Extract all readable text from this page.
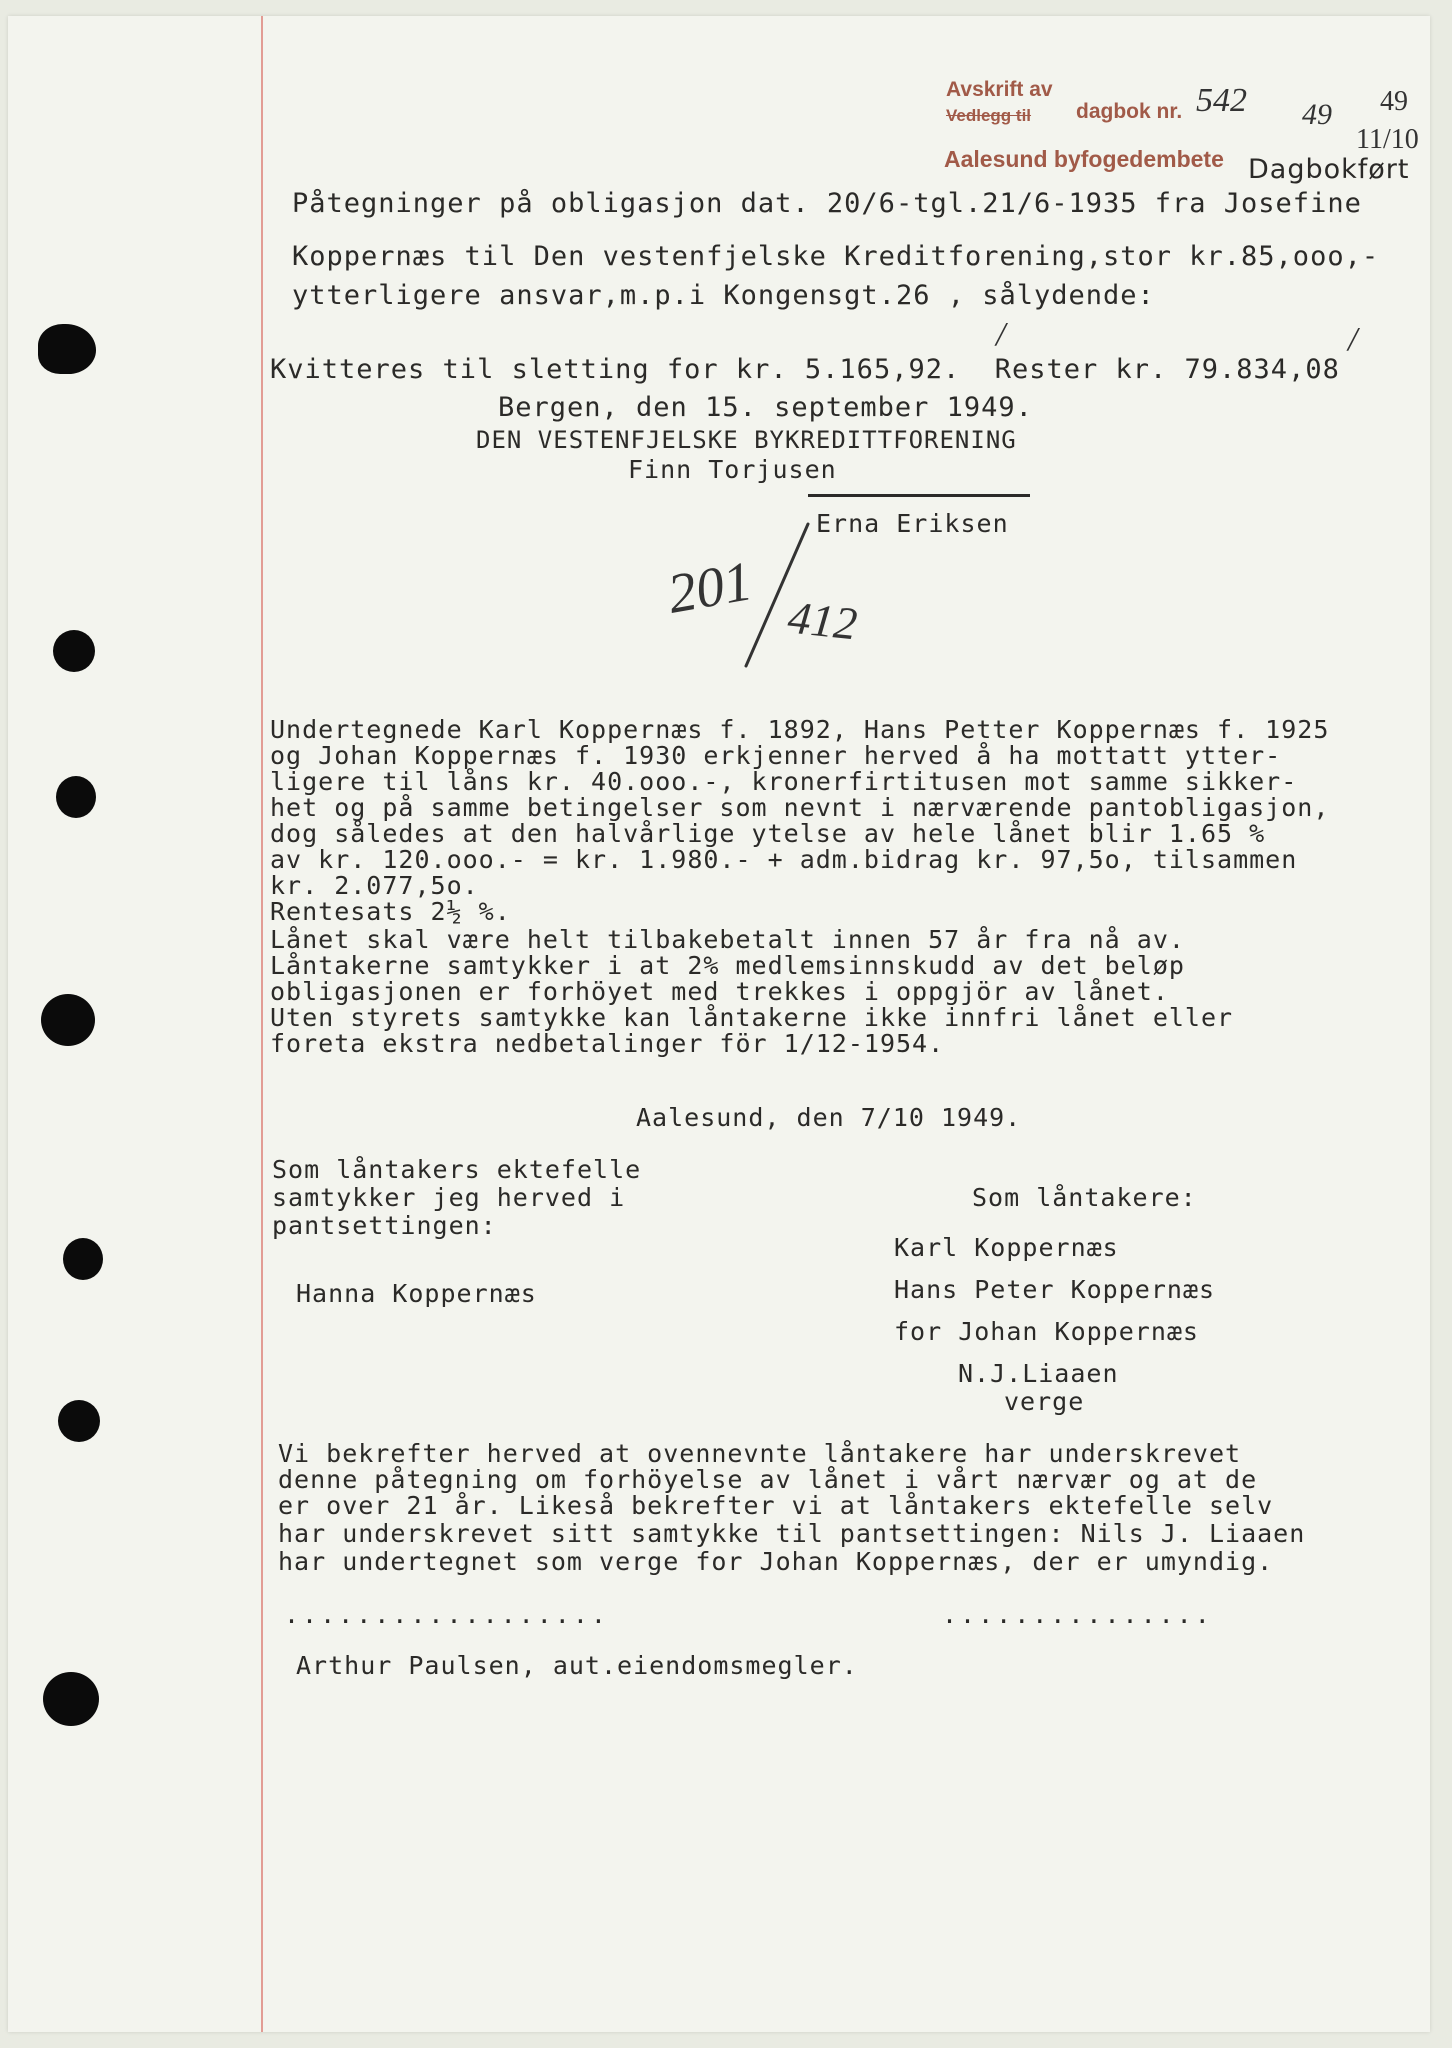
Avskrift av
Vedlegg til dagbok nr.
Aalesund byfogedembete
542 49 49
11/10
Dagbokført
Påtegninger på obligasjon dat. 20/6-tgl.21/6-1935 fra Josefine
Koppernæs til Den vestenfjelske Kreditforening,stor kr.85,ooo,-
ytterligere ansvar,m.p.i Kongensgt.26 , sålydende:
Kvitteres til sletting for kr. 5.165,92.  Rester kr. 79.834,08
/	/
Bergen, den 15. september 1949.
DEN VESTENFJELSKE BYKREDITTFORENING
Finn Torjusen
Erna Eriksen
201 412
Undertegnede Karl Koppernæs f. 1892, Hans Petter Koppernæs f. 1925
og Johan Koppernæs f. 1930 erkjenner herved å ha mottatt ytter-
ligere til låns kr. 40.ooo.-, kronerfirtitusen mot samme sikker-
het og på samme betingelser som nevnt i nærværende pantobligasjon,
dog således at den halvårlige ytelse av hele lånet blir 1.65 %
av kr. 120.ooo.- = kr. 1.980.- + adm.bidrag kr. 97,5o, tilsammen
kr. 2.077,5o.
Rentesats 2½ %.
Lånet skal være helt tilbakebetalt innen 57 år fra nå av.
Låntakerne samtykker i at 2% medlemsinnskudd av det beløp
obligasjonen er forhöyet med trekkes i oppgjör av lånet.
Uten styrets samtykke kan låntakerne ikke innfri lånet eller
foreta ekstra nedbetalinger för 1/12-1954.
Aalesund, den 7/10 1949.
Som låntakers ektefelle
samtykker jeg herved i
pantsettingen:
Hanna Koppernæs
Som låntakere:
Karl Koppernæs
Hans Peter Koppernæs
for Johan Koppernæs
N.J.Liaaen
verge
Vi bekrefter herved at ovennevnte låntakere har underskrevet
denne påtegning om forhöyelse av lånet i vårt nærvær og at de
er over 21 år. Likeså bekrefter vi at låntakers ektefelle selv
har underskrevet sitt samtykke til pantsettingen: Nils J. Liaaen
har undertegnet som verge for Johan Koppernæs, der er umyndig.
..................	...............
Arthur Paulsen, aut.eiendomsmegler.
